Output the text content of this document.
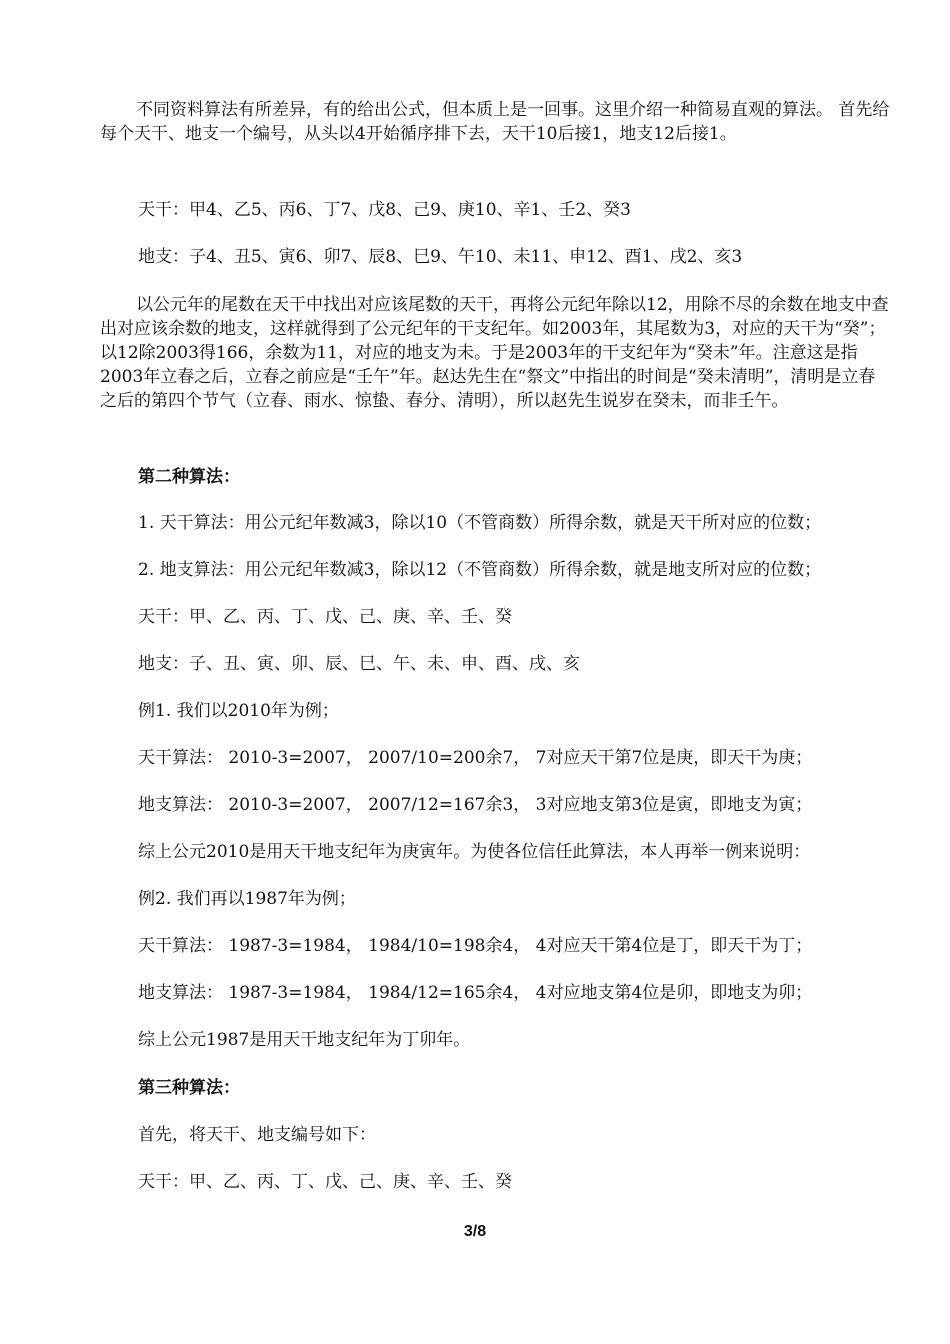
不同资料算法有所差异，有的给出公式，但本质上是一回事。这里介绍一种简易直观的算法。 首先给每个天干、地支一个编号，从头以4开始循序排下去，天干10后接1，地支12后接1。

天干：甲4、乙5、丙6、丁7、戊8、己9、庚10、辛1、壬2、癸3

地支：子4、丑5、寅6、卯7、辰8、巳9、午10、未11、申12、酉1、戌2、亥3

以公元年的尾数在天干中找出对应该尾数的天干，再将公元纪年除以12，用除不尽的余数在地支中查出对应该余数的地支，这样就得到了公元纪年的干支纪年。如2003年，其尾数为3，对应的天干为“癸”；以12除2003得166，余数为11，对应的地支为未。于是2003年的干支纪年为“癸未”年。注意这是指2003年立春之后，立春之前应是“壬午”年。赵达先生在“祭文”中指出的时间是“癸未清明”，清明是立春之后的第四个节气（立春、雨水、惊蛰、春分、清明），所以赵先生说岁在癸未，而非壬午。

第二种算法：

1. 天干算法：用公元纪年数减3，除以10（不管商数）所得余数，就是天干所对应的位数；

2. 地支算法：用公元纪年数减3，除以12（不管商数）所得余数，就是地支所对应的位数；

天干：甲、乙、丙、丁、戊、己、庚、辛、壬、癸

地支：子、丑、寅、卯、辰、巳、午、未、申、酉、戌、亥

例1. 我们以2010年为例；

天干算法： 2010-3=2007， 2007/10=200余7， 7对应天干第7位是庚，即天干为庚；

地支算法： 2010-3=2007， 2007/12=167余3， 3对应地支第3位是寅，即地支为寅；

综上公元2010是用天干地支纪年为庚寅年。为使各位信任此算法，本人再举一例来说明：

例2. 我们再以1987年为例；

天干算法： 1987-3=1984， 1984/10=198余4， 4对应天干第4位是丁，即天干为丁；

地支算法： 1987-3=1984， 1984/12=165余4， 4对应地支第4位是卯，即地支为卯；

综上公元1987是用天干地支纪年为丁卯年。

第三种算法：

首先，将天干、地支编号如下：

天干：甲、乙、丙、丁、戊、己、庚、辛、壬、癸

3/8
